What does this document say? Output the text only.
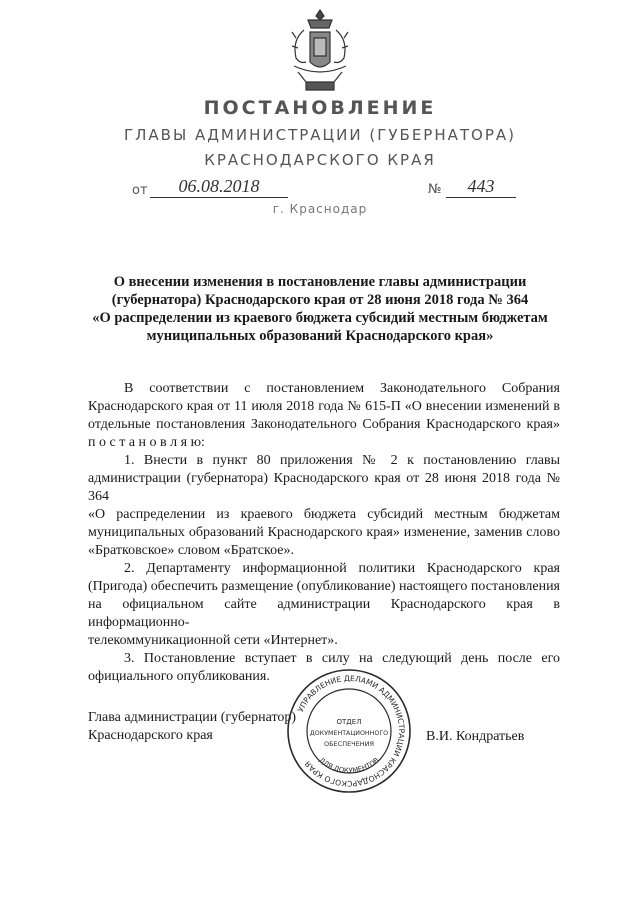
ПОСТАНОВЛЕНИЕ
ГЛАВЫ АДМИНИСТРАЦИИ (ГУБЕРНАТОРА)
КРАСНОДАРСКОГО КРАЯ
от	06.08.2018	№	443
г. Краснодар
О внесении изменения в постановление главы администрации
(губернатора) Краснодарского края от 28 июня 2018 года № 364
«О распределении из краевого бюджета субсидий местным бюджетам
муниципальных образований Краснодарского края»
В соответствии с постановлением Законодательного Собрания
Краснодарского края от 11 июля 2018 года № 615-П «О внесении изменений в
отдельные постановления Законодательного Собрания Краснодарского края»
п о с т а н о в л я ю:
1. Внести в пункт 80 приложения № 2 к постановлению главы
администрации (губернатора) Краснодарского края от 28 июня 2018 года № 364
«О распределении из краевого бюджета субсидий местным бюджетам
муниципальных образований Краснодарского края» изменение, заменив слово
«Братковское» словом «Братское».
2. Департаменту информационной политики Краснодарского края
(Пригода) обеспечить размещение (опубликование) настоящего постановления
на официальном сайте администрации Краснодарского края в информационно-
телекоммуникационной сети «Интернет».
3. Постановление вступает в силу на следующий день после его
официального опубликования.
Глава администрации (губернатор)
Краснодарского края	В.И. Кондратьев
УПРАВЛЕНИЕ ДЕЛАМИ АДМИНИСТРАЦИИ КРАСНОДАРСКОГО КРАЯ ДЛЯ ДОКУМЕНТОВ
ОТДЕЛ
ДОКУМЕНТАЦИОННОГО
ОБЕСПЕЧЕНИЯ
